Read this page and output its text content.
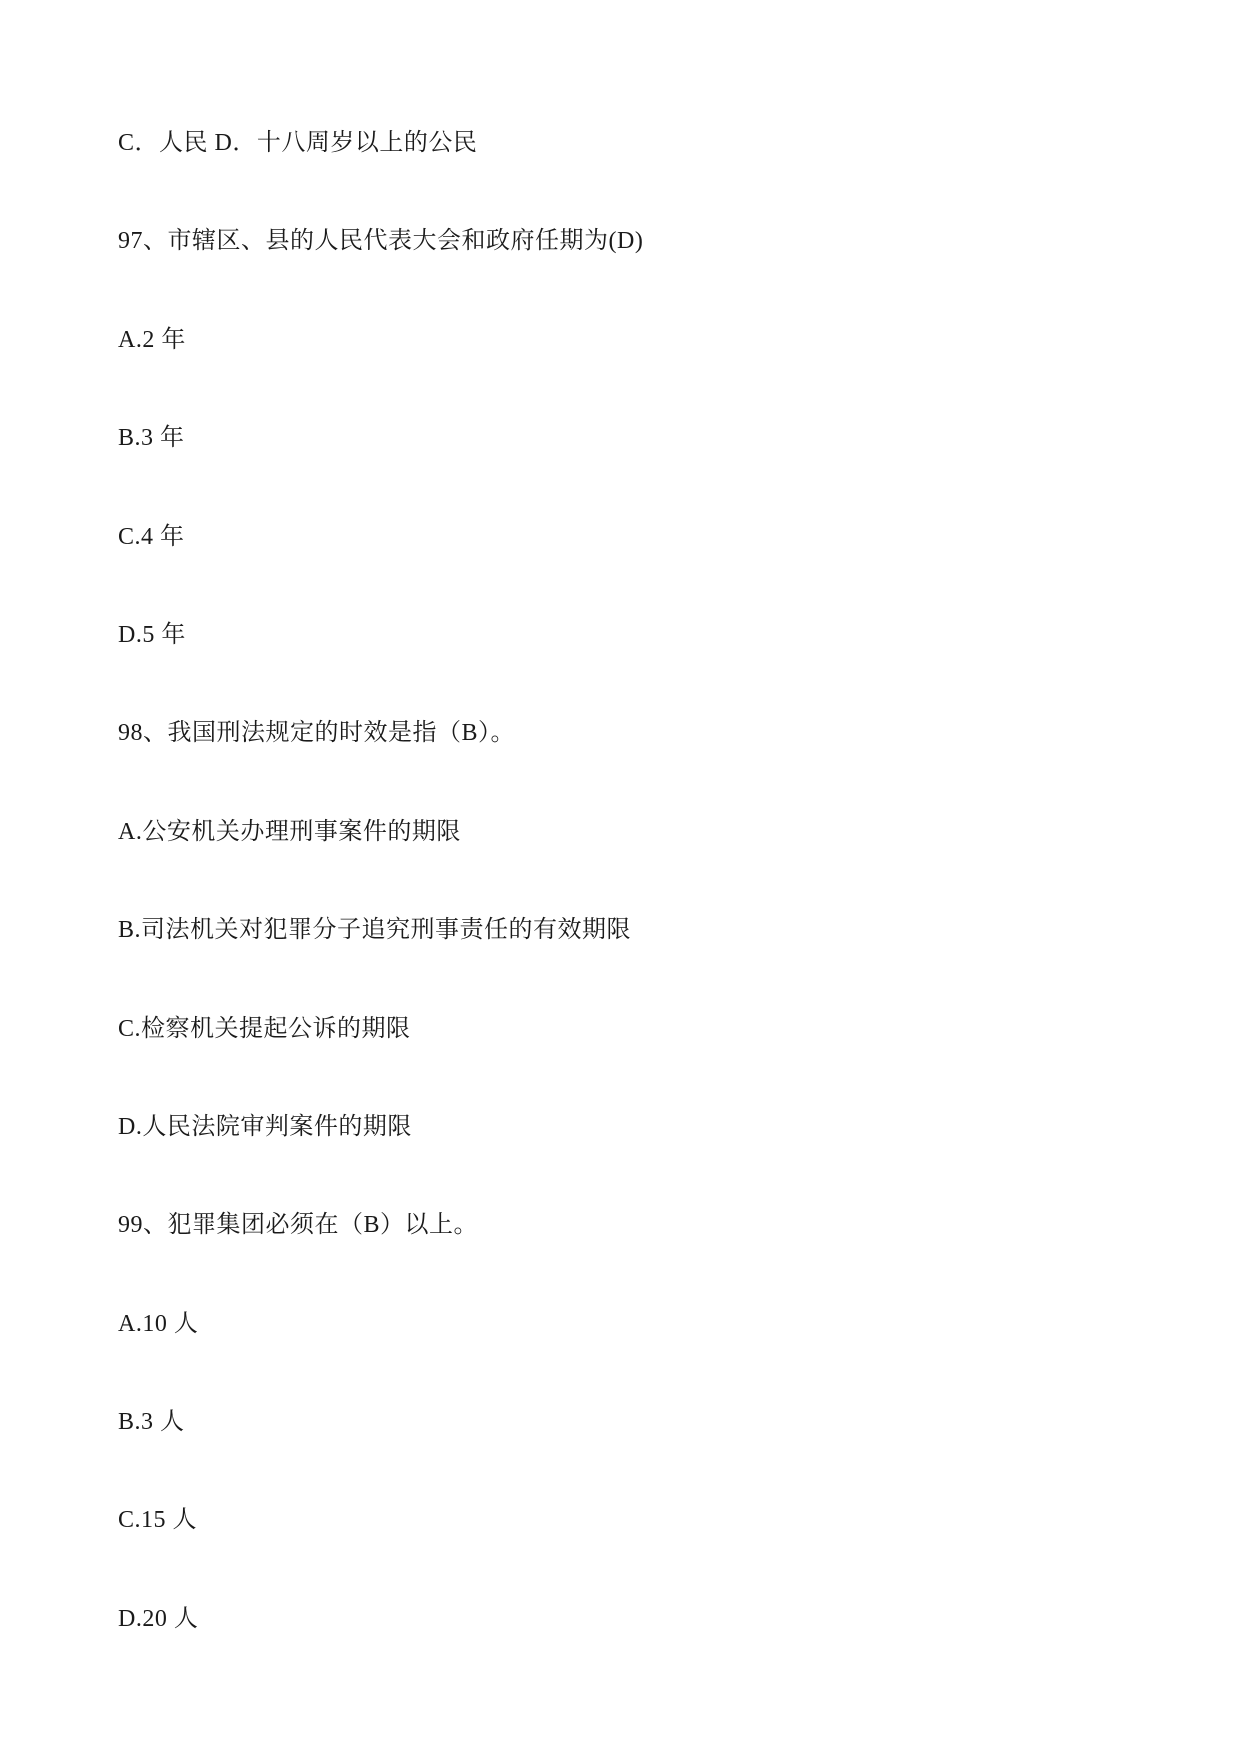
C．人民 D．十八周岁以上的公民
97、市辖区、县的人民代表大会和政府任期为(D)
A.2 年
B.3 年
C.4 年
D.5 年
98、我国刑法规定的时效是指（B）。
A.公安机关办理刑事案件的期限
B.司法机关对犯罪分子追究刑事责任的有效期限
C.检察机关提起公诉的期限
D.人民法院审判案件的期限
99、犯罪集团必须在（B）以上。
A.10 人
B.3 人
C.15 人
D.20 人
